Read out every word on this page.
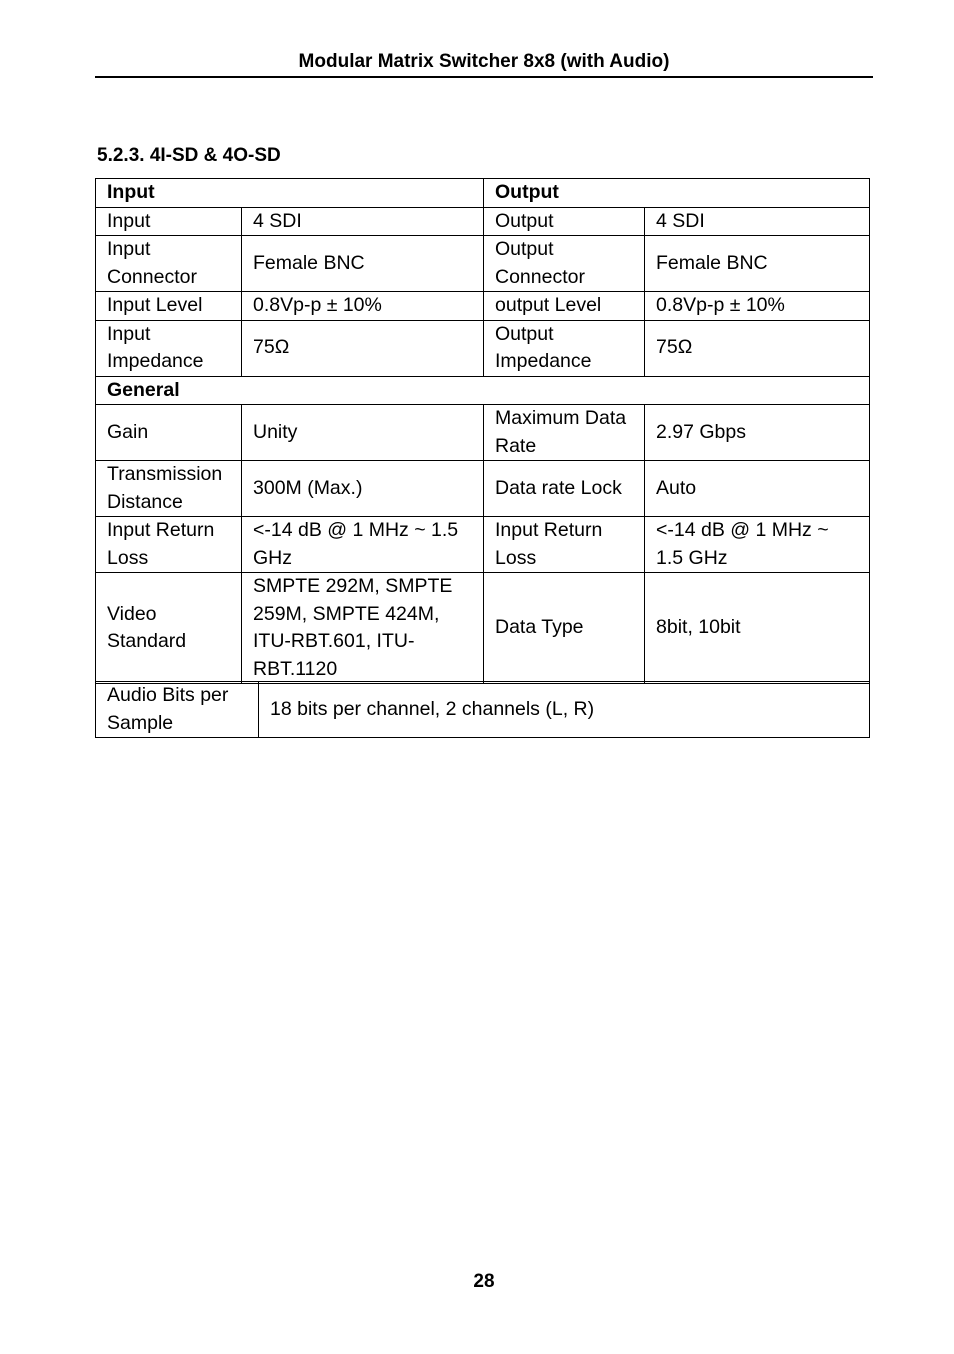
Modular Matrix Switcher 8x8 (with Audio)
5.2.3. 4I-SD & 4O-SD
Input		Output	
Input	4 SDI	Output	4 SDI
Input Connector	Female BNC	Output Connector	Female BNC
Input Level	0.8Vp-p ± 10%	output Level	0.8Vp-p ± 10%
Input Impedance	75Ω	Output Impedance	75Ω
General			
Gain	Unity	Maximum Data Rate	2.97 Gbps
Transmission Distance	300M (Max.)	Data rate Lock	Auto
Input Return Loss	<-14 dB @ 1 MHz ~ 1.5 GHz	Input Return Loss	<-14 dB @ 1 MHz ~ 1.5 GHz
Video Standard	SMPTE 292M, SMPTE 259M, SMPTE 424M, ITU-RBT.601, ITU-RBT.1120	Data Type	8bit, 10bit
Audio Bits per Sample	18 bits per channel, 2 channels (L, R)
28
